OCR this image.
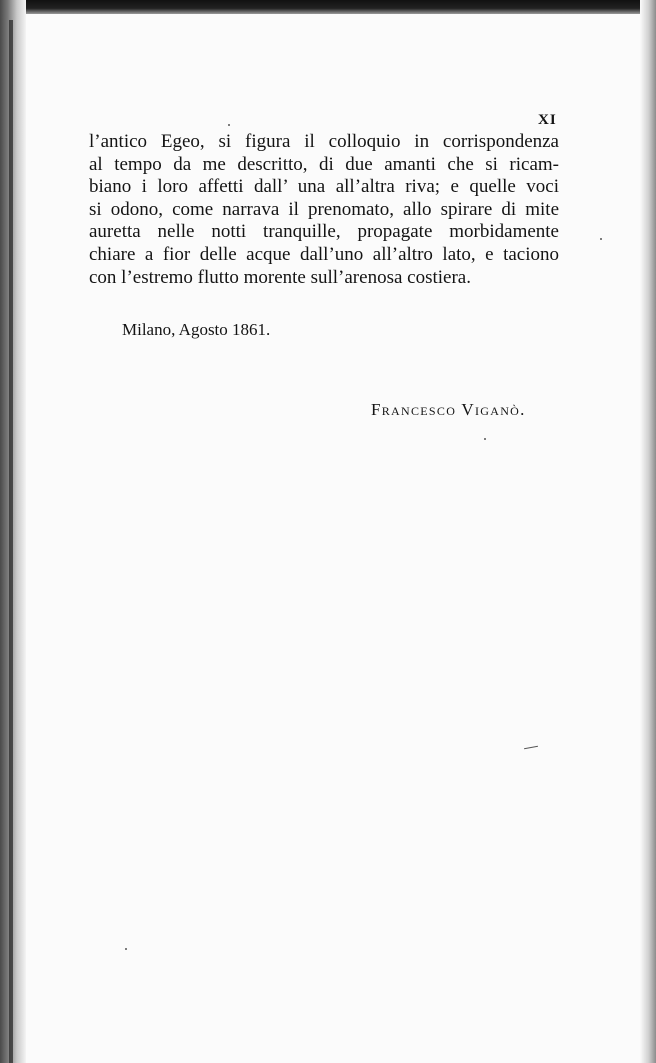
XI
l’antico Egeo, si figura il colloquio in corrispondenza
al tempo da me descritto, di due amanti che si ricam-
biano i loro affetti dall’ una all’altra riva; e quelle voci
si odono, come narrava il prenomato, allo spirare di mite
auretta nelle notti tranquille, propagate morbidamente
chiare a fior delle acque dall’uno all’altro lato, e taciono
con l’estremo flutto morente sull’arenosa costiera.
Milano, Agosto 1861.
Francesco Viganò.
